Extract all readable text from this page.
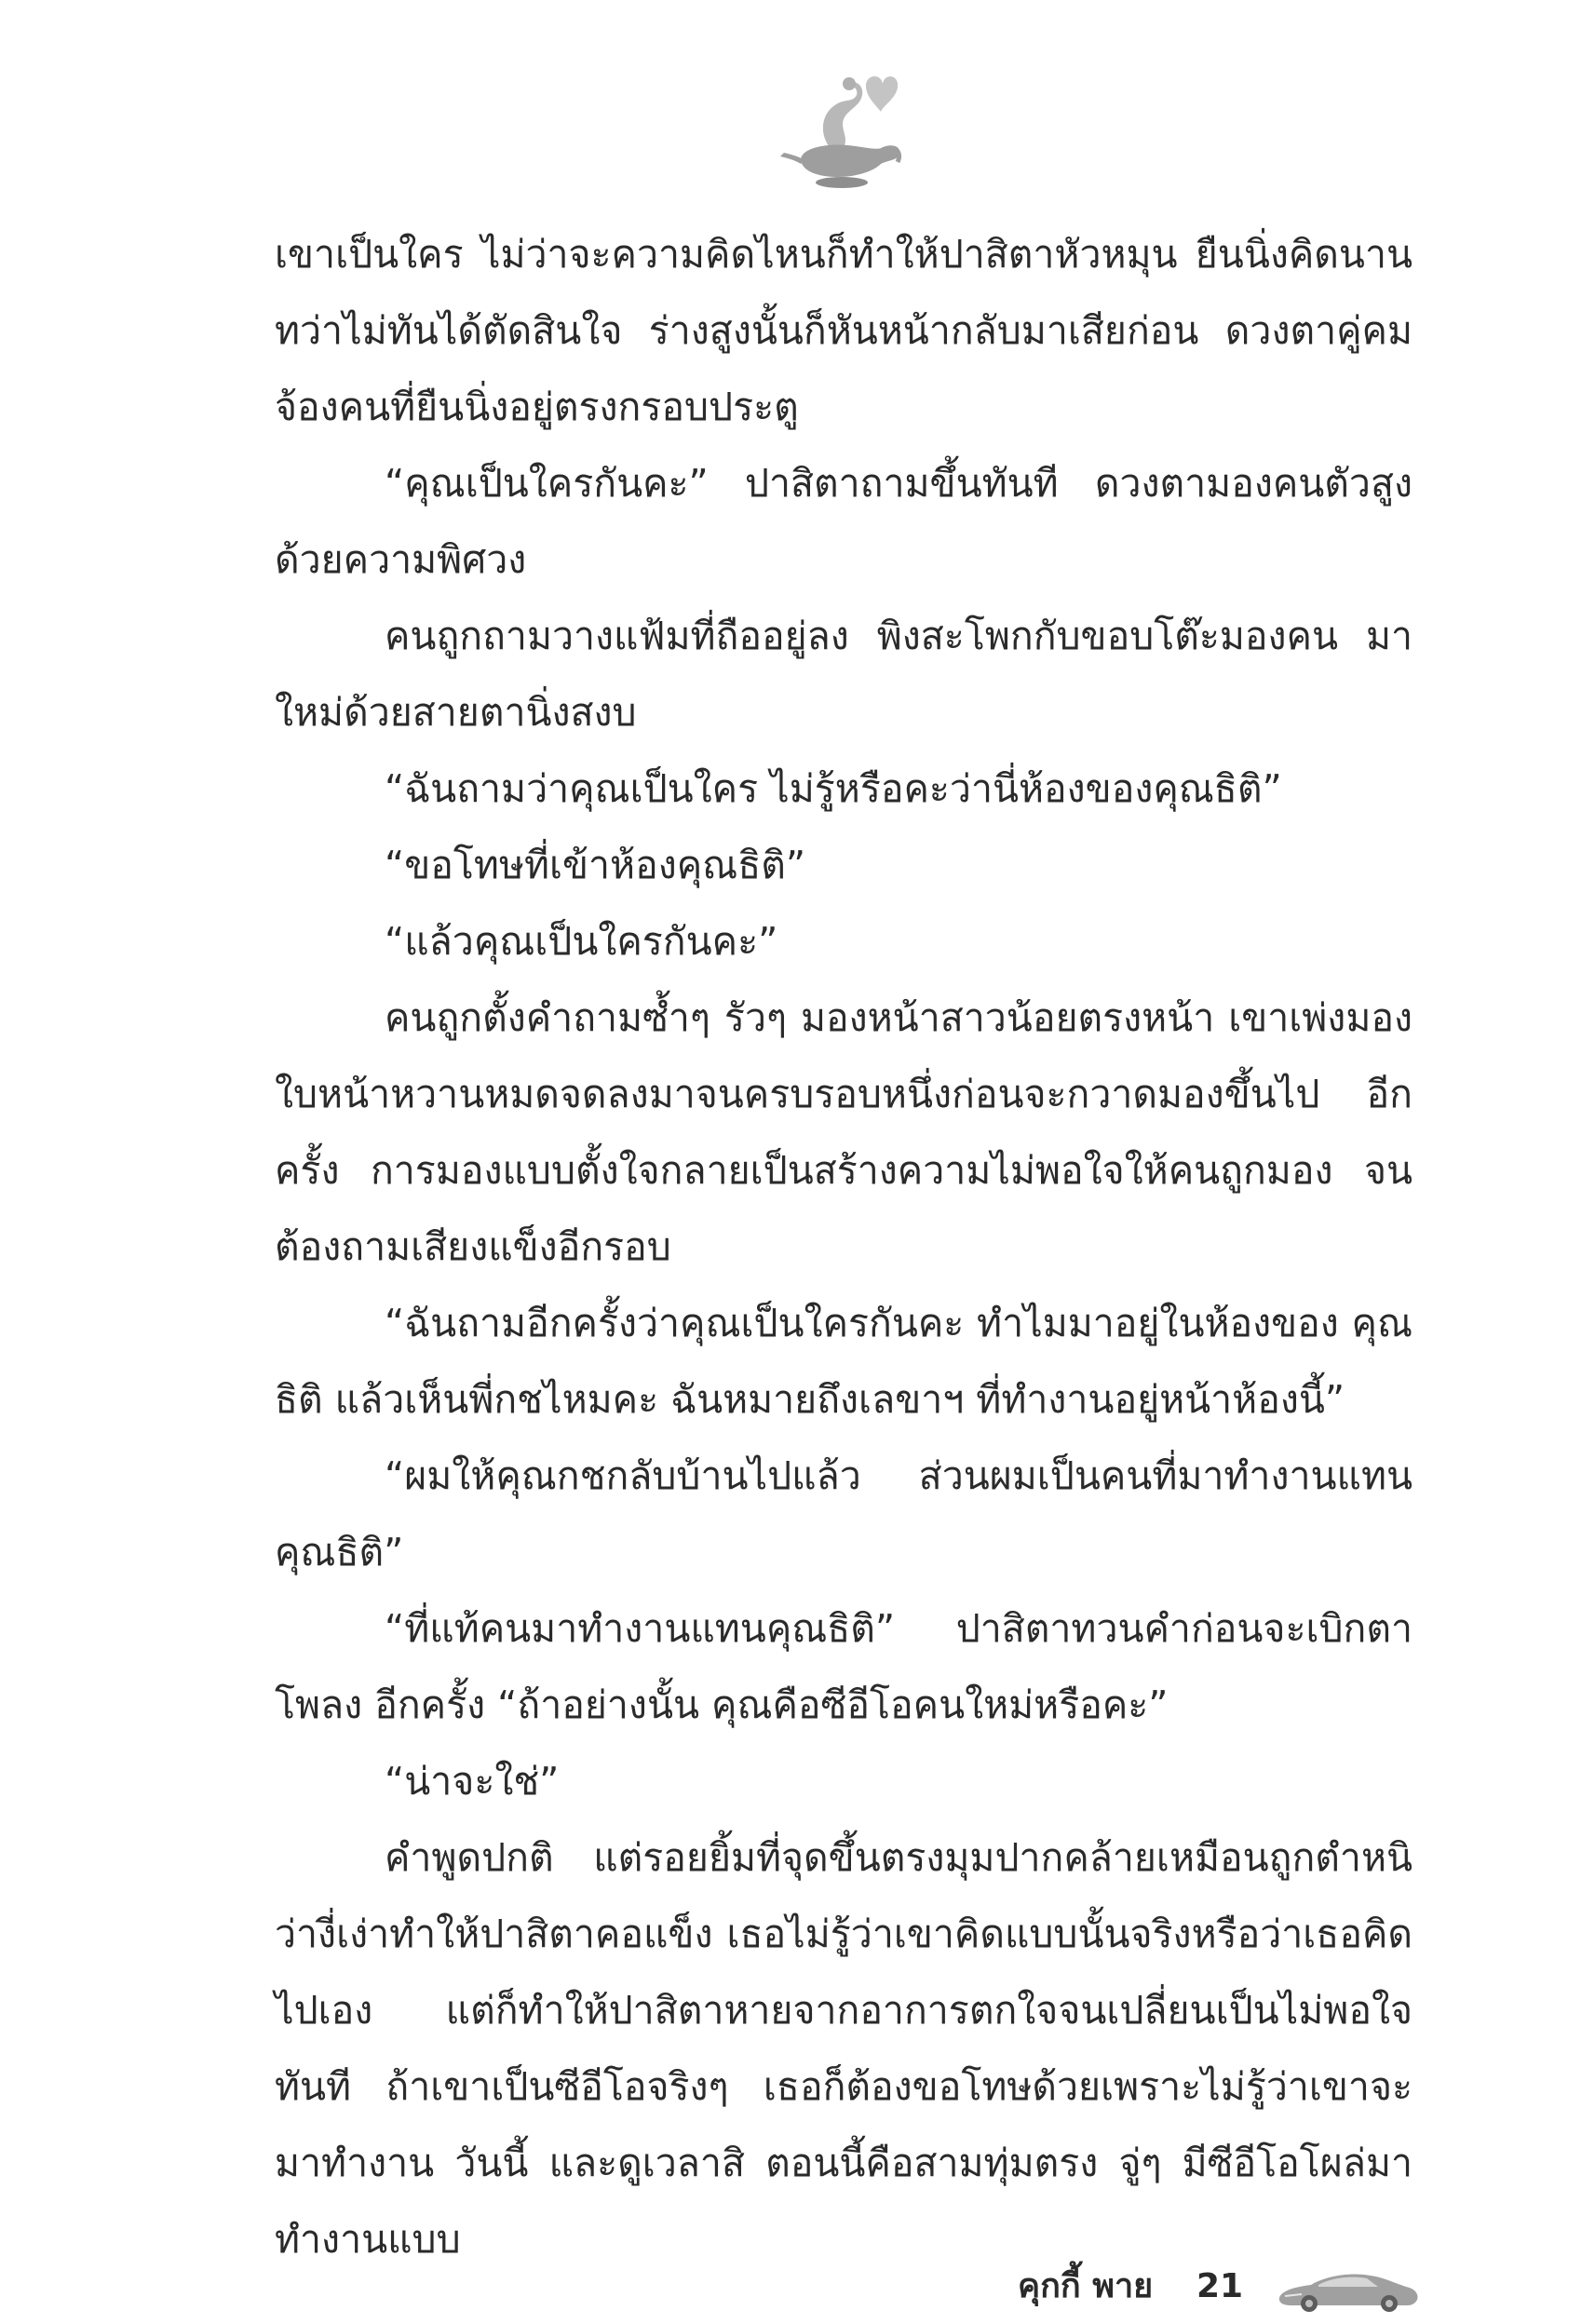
เขาเป็นใคร ไม่ว่าจะความคิดไหนก็ทำให้ปาสิตาหัวหมุน ยืนนิ่งคิดนาน ทว่าไม่ทันได้ตัดสินใจ ร่างสูงนั้นก็หันหน้ากลับมาเสียก่อน ดวงตาคู่คม จ้องคนที่ยืนนิ่งอยู่ตรงกรอบประตู

“คุณเป็นใครกันคะ” ปาสิตาถามขึ้นทันที ดวงตามองคนตัวสูง ด้วยความพิศวง

คนถูกถามวางแฟ้มที่ถืออยู่ลง พิงสะโพกกับขอบโต๊ะมองคน มาใหม่ด้วยสายตานิ่งสงบ

“ฉันถามว่าคุณเป็นใคร ไม่รู้หรือคะว่านี่ห้องของคุณธิติ”

“ขอโทษที่เข้าห้องคุณธิติ”

“แล้วคุณเป็นใครกันคะ”

คนถูกตั้งคำถามซ้ำๆ รัวๆ มองหน้าสาวน้อยตรงหน้า เขาเพ่งมอง ใบหน้าหวานหมดจดลงมาจนครบรอบหนึ่งก่อนจะกวาดมองขึ้นไป อีกครั้ง การมองแบบตั้งใจกลายเป็นสร้างความไม่พอใจให้คนถูกมอง จนต้องถามเสียงแข็งอีกรอบ

“ฉันถามอีกครั้งว่าคุณเป็นใครกันคะ ทำไมมาอยู่ในห้องของ คุณธิติ แล้วเห็นพี่กชไหมคะ ฉันหมายถึงเลขาฯ ที่ทำงานอยู่หน้าห้องนี้”

“ผมให้คุณกชกลับบ้านไปแล้ว ส่วนผมเป็นคนที่มาทำงานแทน คุณธิติ”

“ที่แท้คนมาทำงานแทนคุณธิติ” ปาสิตาทวนคำก่อนจะเบิกตาโพลง อีกครั้ง “ถ้าอย่างนั้น คุณคือซีอีโอคนใหม่หรือคะ”

“น่าจะใช่”

คำพูดปกติ แต่รอยยิ้มที่จุดขึ้นตรงมุมปากคล้ายเหมือนถูกตำหนิ ว่างี่เง่าทำให้ปาสิตาคอแข็ง เธอไม่รู้ว่าเขาคิดแบบนั้นจริงหรือว่าเธอคิด ไปเอง แต่ก็ทำให้ปาสิตาหายจากอาการตกใจจนเปลี่ยนเป็นไม่พอใจทันที ถ้าเขาเป็นซีอีโอจริงๆ เธอก็ต้องขอโทษด้วยเพราะไม่รู้ว่าเขาจะมาทำงาน วันนี้ และดูเวลาสิ ตอนนี้คือสามทุ่มตรง จู่ๆ มีซีอีโอโผล่มาทำงานแบบ

คุกกี้ พาย 21
